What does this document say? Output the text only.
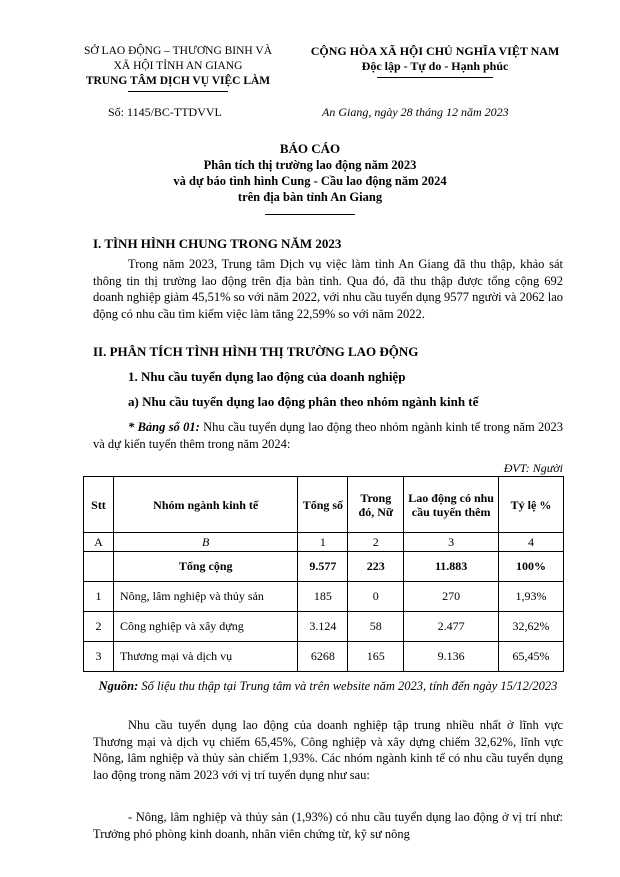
SỞ LAO ĐỘNG – THƯƠNG BINH VÀ
XÃ HỘI TỈNH AN GIANG
TRUNG TÂM DỊCH VỤ VIỆC LÀM
CỘNG HÒA XÃ HỘI CHỦ NGHĨA VIỆT NAM
Độc lập - Tự do - Hạnh phúc
Số: 1145/BC-TTDVVL	An Giang, ngày 28 tháng 12 năm 2023
BÁO CÁO
Phân tích thị trường lao động năm 2023
và dự báo tình hình Cung - Cầu lao động năm 2024
trên địa bàn tỉnh An Giang
I. TÌNH HÌNH CHUNG TRONG NĂM 2023
Trong năm 2023, Trung tâm Dịch vụ việc làm tỉnh An Giang đã thu thập, khảo sát thông tin thị trường lao động trên địa bàn tỉnh. Qua đó, đã thu thập được tổng cộng 692 doanh nghiệp giảm 45,51% so với năm 2022, với nhu cầu tuyển dụng 9577 người và 2062 lao động có nhu cầu tìm kiếm việc làm tăng 22,59% so với năm 2022.
II. PHÂN TÍCH TÌNH HÌNH THỊ TRƯỜNG LAO ĐỘNG
1. Nhu cầu tuyển dụng lao động của doanh nghiệp
a) Nhu cầu tuyển dụng lao động phân theo nhóm ngành kinh tế
* Bảng số 01: Nhu cầu tuyển dụng lao động theo nhóm ngành kinh tế trong năm 2023 và dự kiến tuyển thêm trong năm 2024:
ĐVT: Người
Stt	Nhóm ngành kinh tế	Tổng số	Trong đó, Nữ	Lao động có nhu cầu tuyển thêm	Tỷ lệ %
A	B	1	2	3	4
	Tổng cộng	9.577	223	11.883	100%
1	Nông, lâm nghiệp và thủy sản	185	0	270	1,93%
2	Công nghiệp và xây dựng	3.124	58	2.477	32,62%
3	Thương mại và dịch vụ	6268	165	9.136	65,45%
Nguồn: Số liệu thu thập tại Trung tâm và trên website năm 2023, tính đến ngày 15/12/2023
Nhu cầu tuyển dụng lao động của doanh nghiệp tập trung nhiều nhất ở lĩnh vực Thương mại và dịch vụ chiếm 65,45%, Công nghiệp và xây dựng chiếm 32,62%, lĩnh vực Nông, lâm nghiệp và thủy sản chiếm 1,93%. Các nhóm ngành kinh tế có nhu cầu tuyển dụng lao động trong năm 2023 với vị trí tuyển dụng như sau:
- Nông, lâm nghiệp và thủy sản (1,93%) có nhu cầu tuyển dụng lao động ở vị trí như: Trưởng phó phòng kinh doanh, nhân viên chứng từ, kỹ sư nông
